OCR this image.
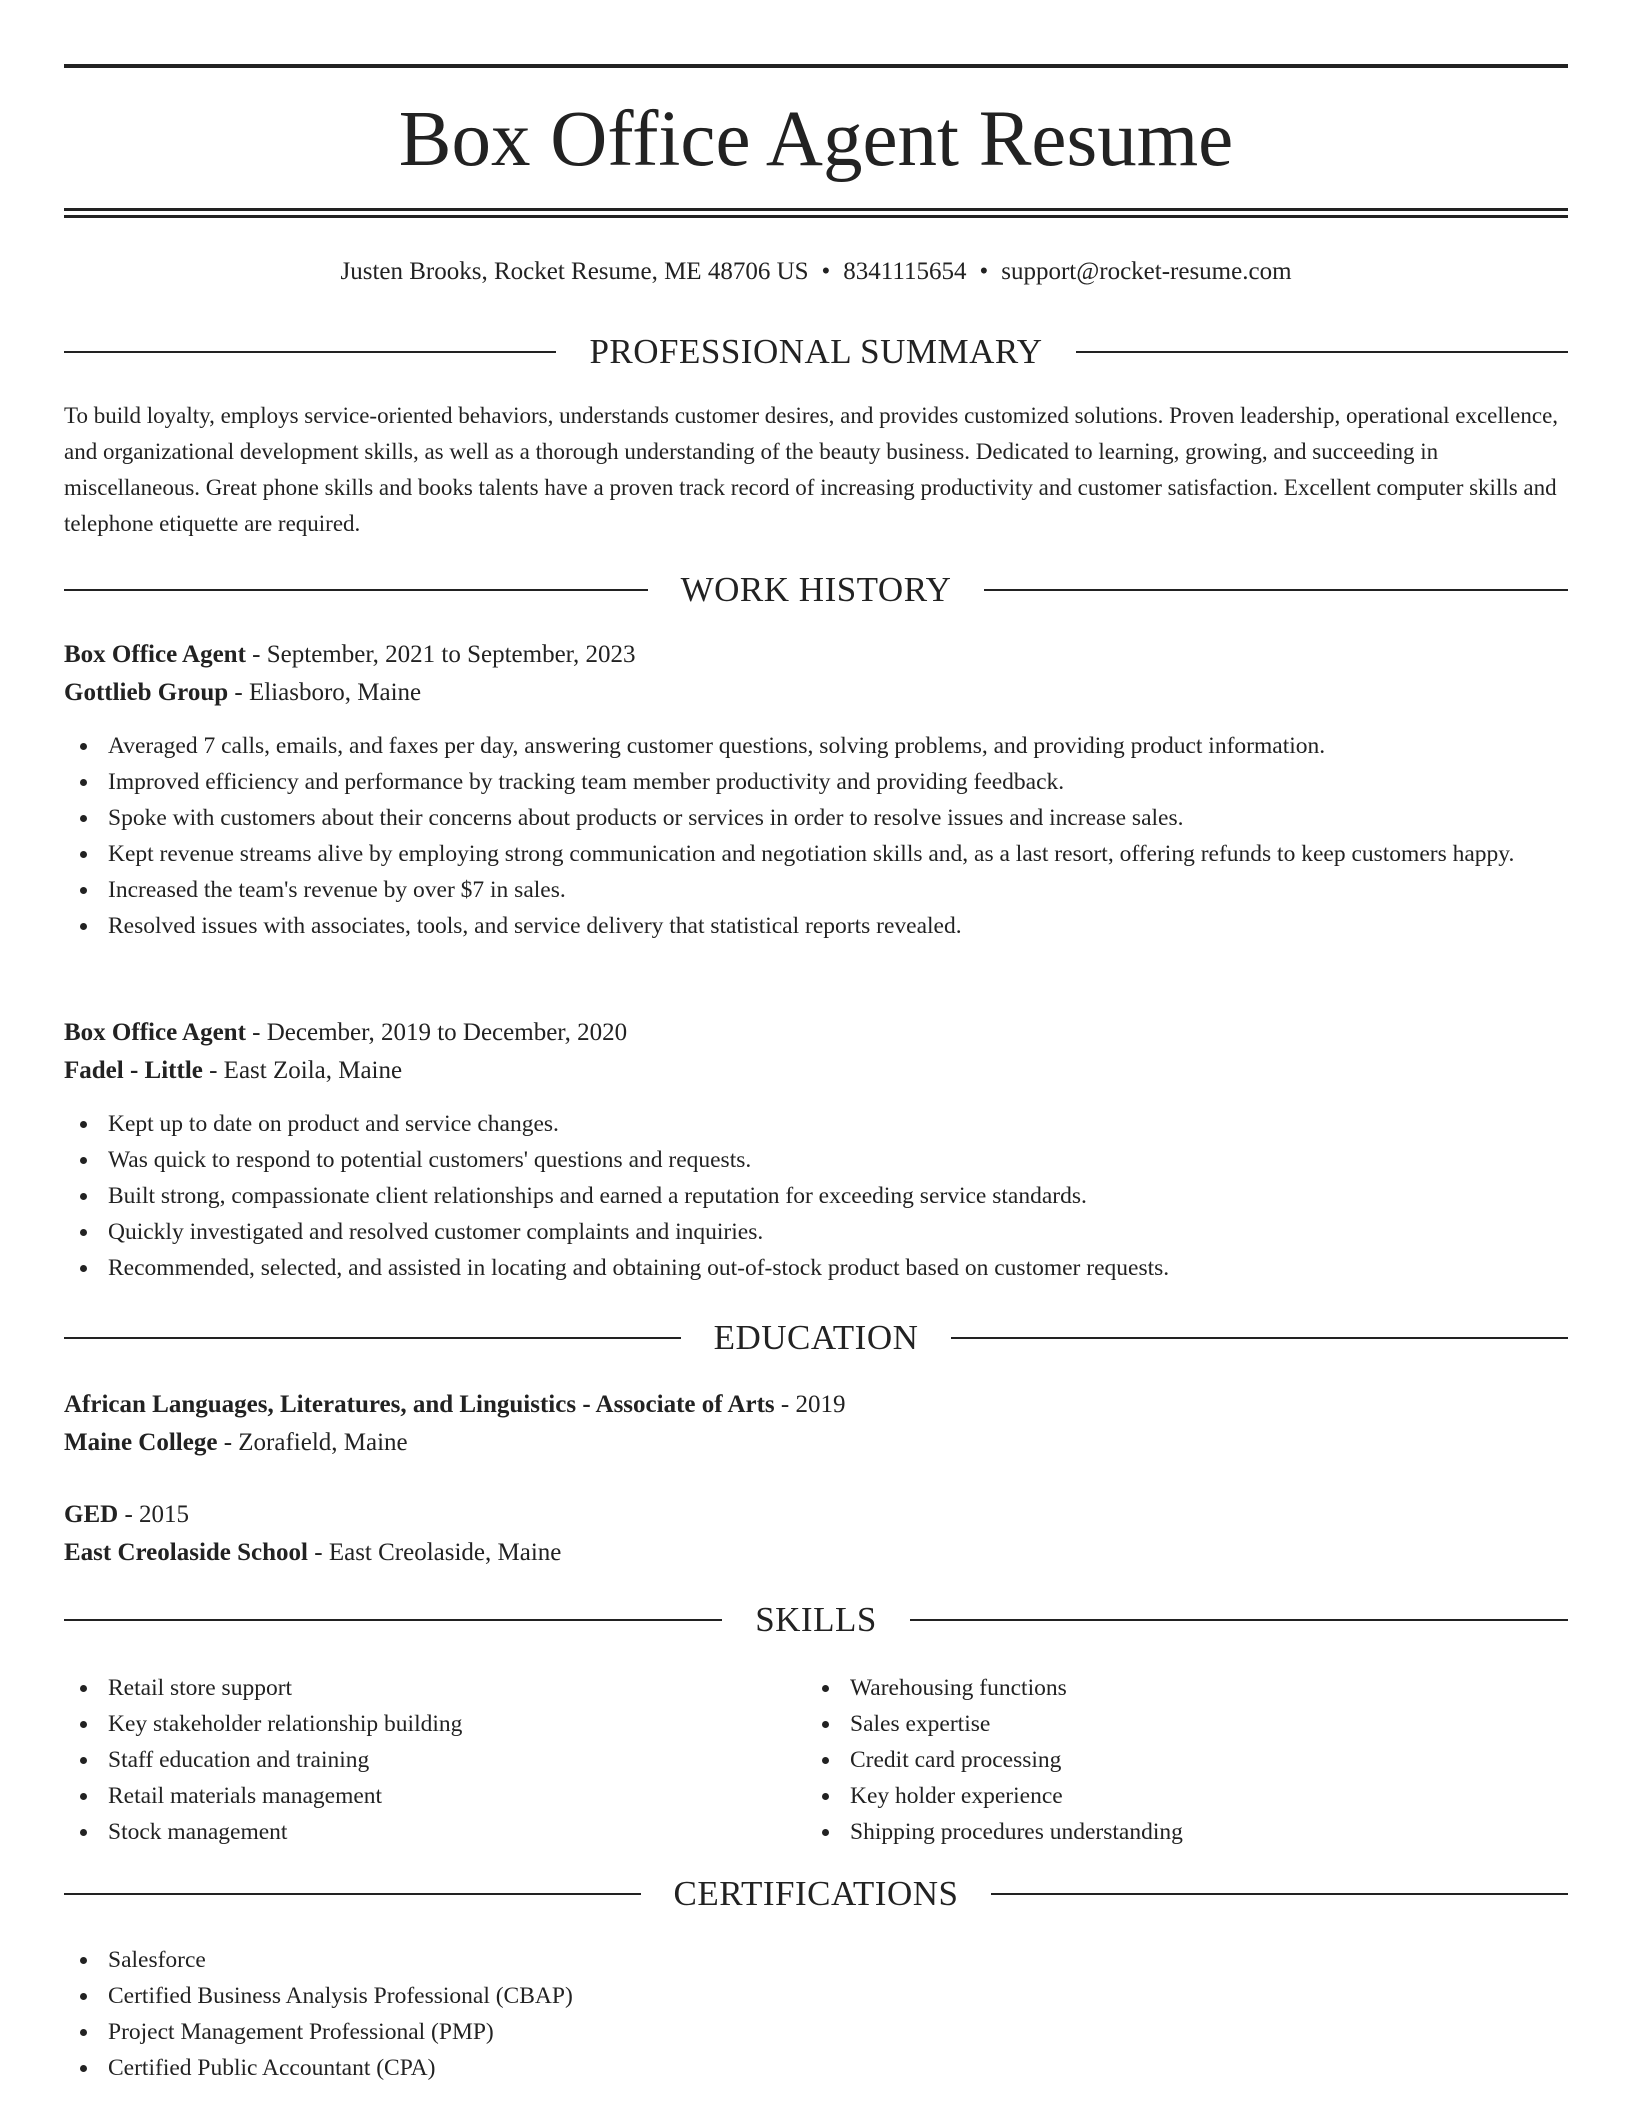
Box Office Agent Resume
Justen Brooks, Rocket Resume, ME 48706 US • 8341115654 • support@rocket-resume.com
PROFESSIONAL SUMMARY
To build loyalty, employs service-oriented behaviors, understands customer desires, and provides customized solutions. Proven leadership, operational excellence, and organizational development skills, as well as a thorough understanding of the beauty business. Dedicated to learning, growing, and succeeding in miscellaneous. Great phone skills and books talents have a proven track record of increasing productivity and customer satisfaction. Excellent computer skills and telephone etiquette are required.
WORK HISTORY
Box Office Agent - September, 2021 to September, 2023
Gottlieb Group - Eliasboro, Maine
Averaged 7 calls, emails, and faxes per day, answering customer questions, solving problems, and providing product information.
Improved efficiency and performance by tracking team member productivity and providing feedback.
Spoke with customers about their concerns about products or services in order to resolve issues and increase sales.
Kept revenue streams alive by employing strong communication and negotiation skills and, as a last resort, offering refunds to keep customers happy.
Increased the team's revenue by over $7 in sales.
Resolved issues with associates, tools, and service delivery that statistical reports revealed.
Box Office Agent - December, 2019 to December, 2020
Fadel - Little - East Zoila, Maine
Kept up to date on product and service changes.
Was quick to respond to potential customers' questions and requests.
Built strong, compassionate client relationships and earned a reputation for exceeding service standards.
Quickly investigated and resolved customer complaints and inquiries.
Recommended, selected, and assisted in locating and obtaining out-of-stock product based on customer requests.
EDUCATION
African Languages, Literatures, and Linguistics - Associate of Arts - 2019
Maine College - Zorafield, Maine
GED - 2015
East Creolaside School - East Creolaside, Maine
SKILLS
Retail store support
Key stakeholder relationship building
Staff education and training
Retail materials management
Stock management
Warehousing functions
Sales expertise
Credit card processing
Key holder experience
Shipping procedures understanding
CERTIFICATIONS
Salesforce
Certified Business Analysis Professional (CBAP)
Project Management Professional (PMP)
Certified Public Accountant (CPA)
